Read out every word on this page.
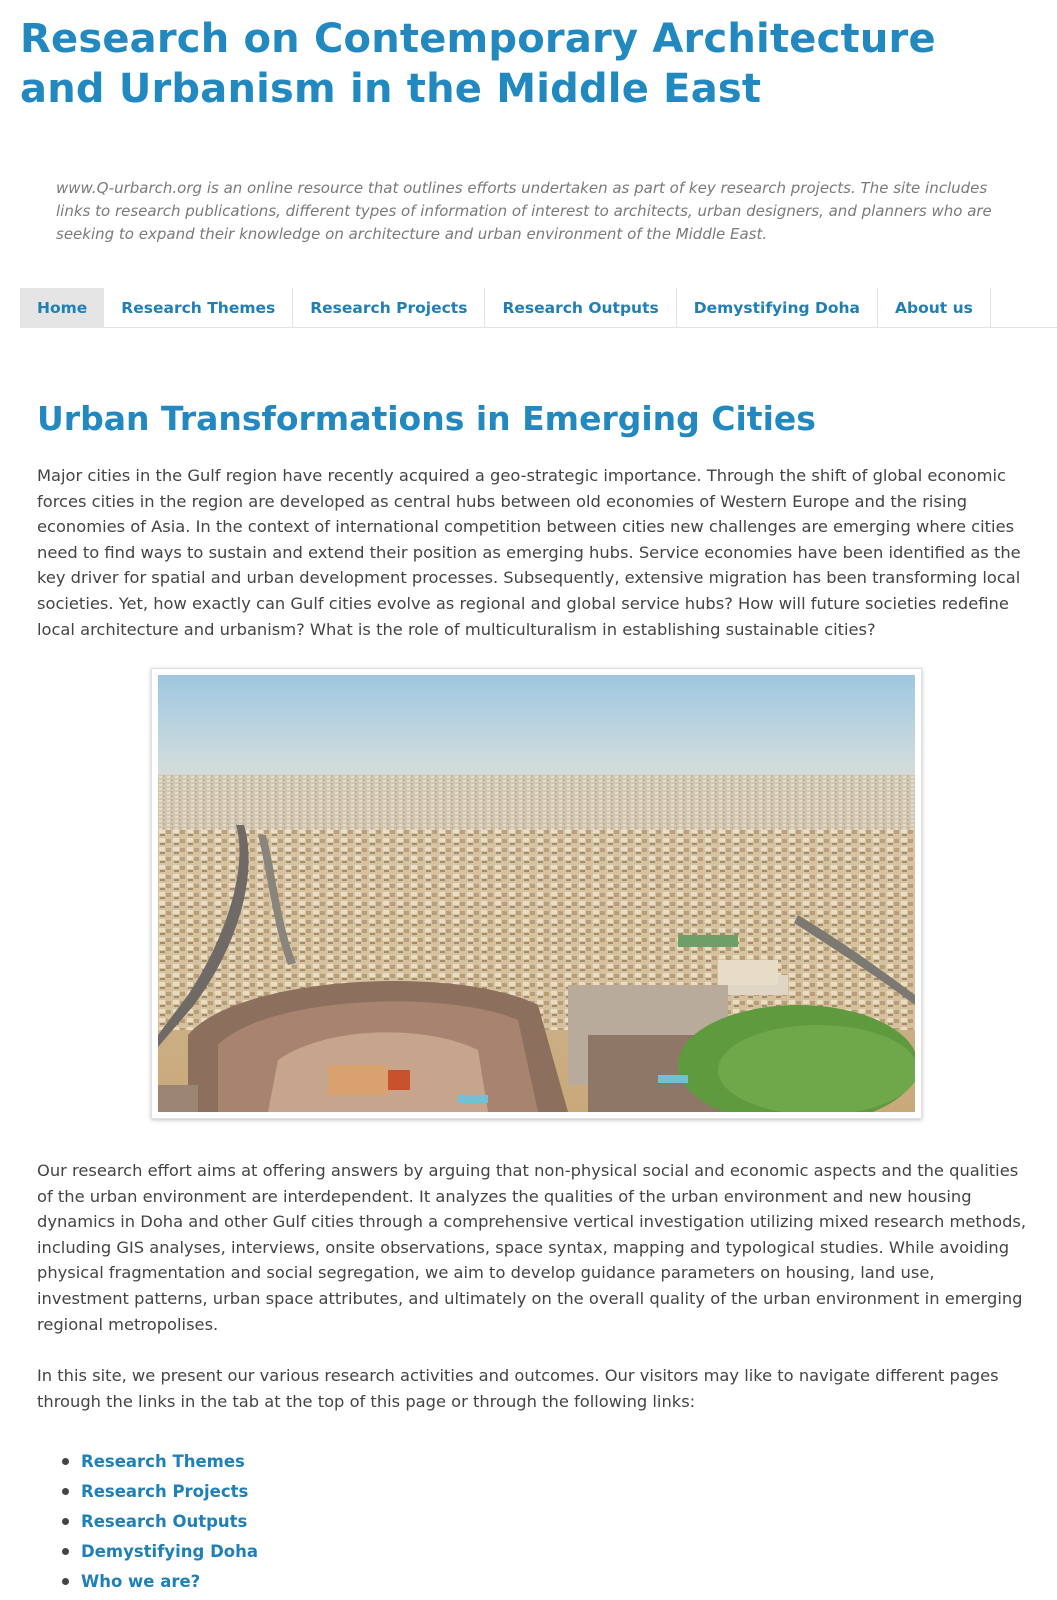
Research on Contemporary Architecture and Urbanism in the Middle East
www.Q-urbarch.org is an online resource that outlines efforts undertaken as part of key research projects. The site includes links to research publications, different types of information of interest to architects, urban designers, and planners who are seeking to expand their knowledge on architecture and urban environment of the Middle East.
Home	Research Themes	Research Projects	Research Outputs	Demystifying Doha	About us
Urban Transformations in Emerging Cities

Major cities in the Gulf region have recently acquired a geo-strategic importance. Through the shift of global economic forces cities in the region are developed as central hubs between old economies of Western Europe and the rising economies of Asia. In the context of international competition between cities new challenges are emerging where cities need to find ways to sustain and extend their position as emerging hubs. Service economies have been identified as the key driver for spatial and urban development processes. Subsequently, extensive migration has been transforming local societies. Yet, how exactly can Gulf cities evolve as regional and global service hubs? How will future societies redefine local architecture and urbanism? What is the role of multiculturalism in establishing sustainable cities?

Our research effort aims at offering answers by arguing that non-physical social and economic aspects and the qualities of the urban environment are interdependent. It analyzes the qualities of the urban environment and new housing dynamics in Doha and other Gulf cities through a comprehensive vertical investigation utilizing mixed research methods, including GIS analyses, interviews, onsite observations, space syntax, mapping and typological studies. While avoiding physical fragmentation and social segregation, we aim to develop guidance parameters on housing, land use, investment patterns, urban space attributes, and ultimately on the overall quality of the urban environment in emerging regional metropolises.

In this site, we present our various research activities and outcomes. Our visitors may like to navigate different pages through the links in the tab at the top of this page or through the following links:

Research Themes
Research Projects
Research Outputs
Demystifying Doha
Who we are?
